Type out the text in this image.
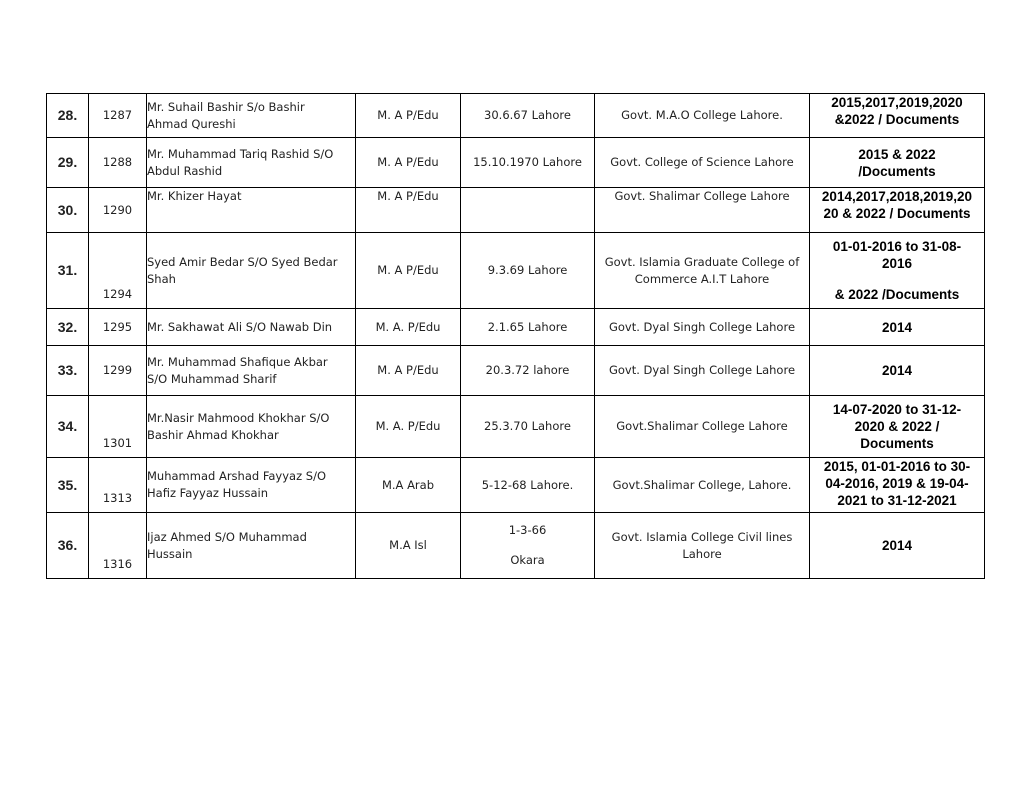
28.	1287	Mr. Suhail Bashir S/o Bashir
Ahmad Qureshi	M. A P/Edu	30.6.67 Lahore	Govt. M.A.O College Lahore.	2015,2017,2019,2020
&2022 / Documents

29.	1288	Mr. Muhammad Tariq Rashid S/O
Abdul Rashid	M. A P/Edu	15.10.1970 Lahore	Govt. College of Science Lahore	2015 & 2022
/Documents

30.	1290	Mr. Khizer Hayat	M. A P/Edu		Govt. Shalimar College Lahore	2014,2017,2018,2019,20
20 & 2022 / Documents

31.	1294	Syed Amir Bedar S/O Syed Bedar
Shah	M. A P/Edu	9.3.69 Lahore	Govt. Islamia Graduate College of
Commerce A.I.T Lahore	01-01-2016 to 31-08-
2016
& 2022 /Documents

32.	1295	Mr. Sakhawat Ali S/O Nawab Din	M. A. P/Edu	2.1.65 Lahore	Govt. Dyal Singh College Lahore	2014

33.	1299	Mr. Muhammad Shafique Akbar
S/O Muhammad Sharif	M. A P/Edu	20.3.72 lahore	Govt. Dyal Singh College Lahore	2014

34.	1301	Mr.Nasir Mahmood Khokhar S/O
Bashir Ahmad Khokhar	M. A. P/Edu	25.3.70 Lahore	Govt.Shalimar College Lahore	14-07-2020 to 31-12-
2020 & 2022 /
Documents

35.	1313	Muhammad Arshad Fayyaz S/O
Hafiz Fayyaz Hussain	M.A Arab	5-12-68 Lahore.	Govt.Shalimar College, Lahore.	2015, 01-01-2016 to 30-
04-2016, 2019 & 19-04-
2021 to 31-12-2021

36.	1316	Ijaz Ahmed S/O Muhammad
Hussain	M.A Isl	1-3-66
Okara	Govt. Islamia College Civil lines
Lahore	2014
